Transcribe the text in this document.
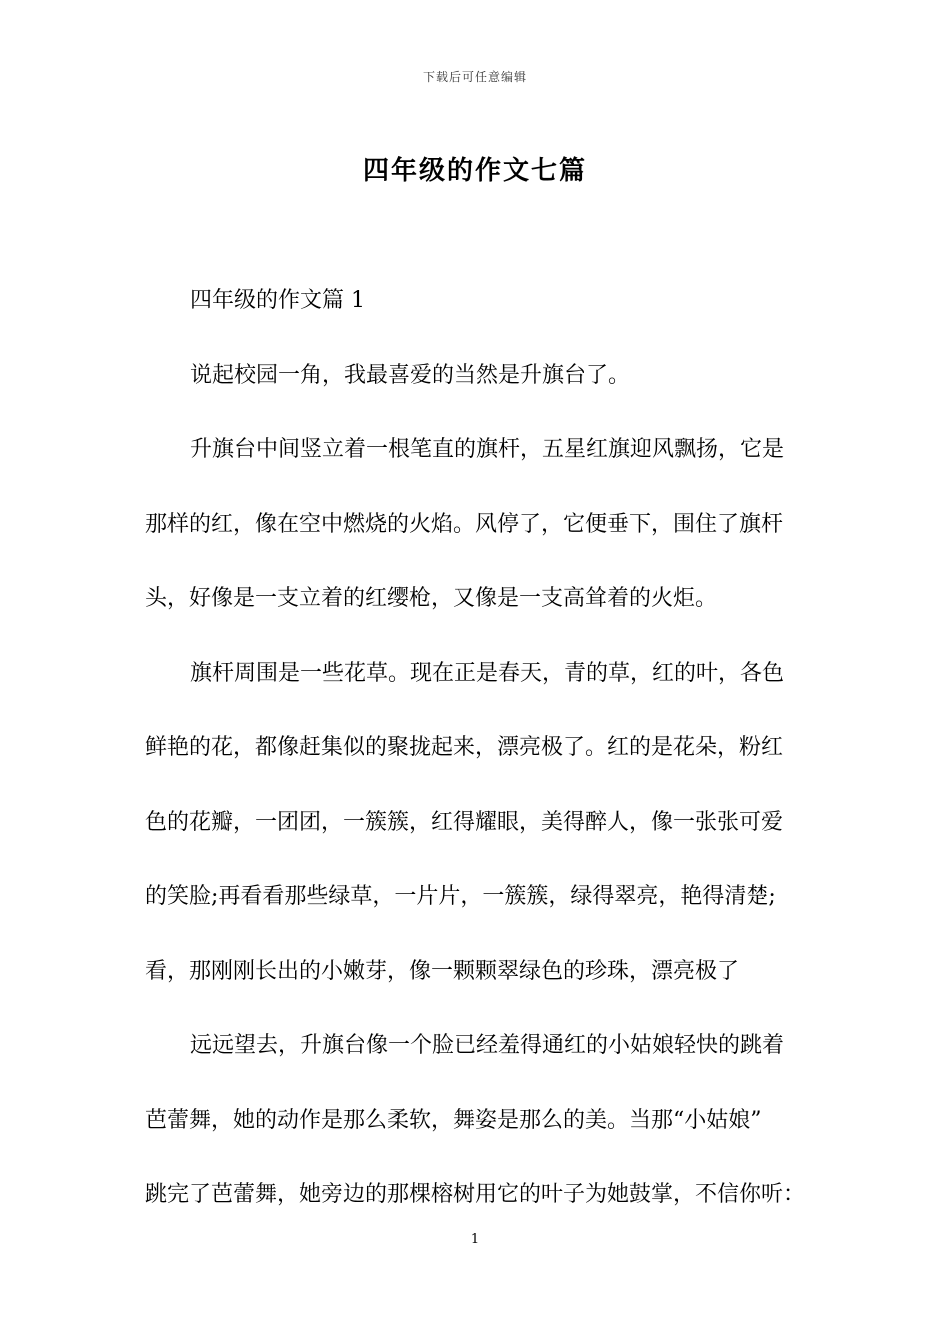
下载后可任意编辑
四年级的作文七篇
四年级的作文篇 1
说起校园一角，我最喜爱的当然是升旗台了。
升旗台中间竖立着一根笔直的旗杆，五星红旗迎风飘扬，它是
那样的红，像在空中燃烧的火焰。风停了，它便垂下，围住了旗杆
头，好像是一支立着的红缨枪，又像是一支高耸着的火炬。
旗杆周围是一些花草。现在正是春天，青的草，红的叶，各色
鲜艳的花，都像赶集似的聚拢起来，漂亮极了。红的是花朵，粉红
色的花瓣，一团团，一簇簇，红得耀眼，美得醉人，像一张张可爱
的笑脸;再看看那些绿草，一片片，一簇簇，绿得翠亮，艳得清楚;
看，那刚刚长出的小嫩芽，像一颗颗翠绿色的珍珠，漂亮极了
远远望去，升旗台像一个脸已经羞得通红的小姑娘轻快的跳着
芭蕾舞，她的动作是那么柔软，舞姿是那么的美。当那“小姑娘”
跳完了芭蕾舞，她旁边的那棵榕树用它的叶子为她鼓掌，不信你听：
1
